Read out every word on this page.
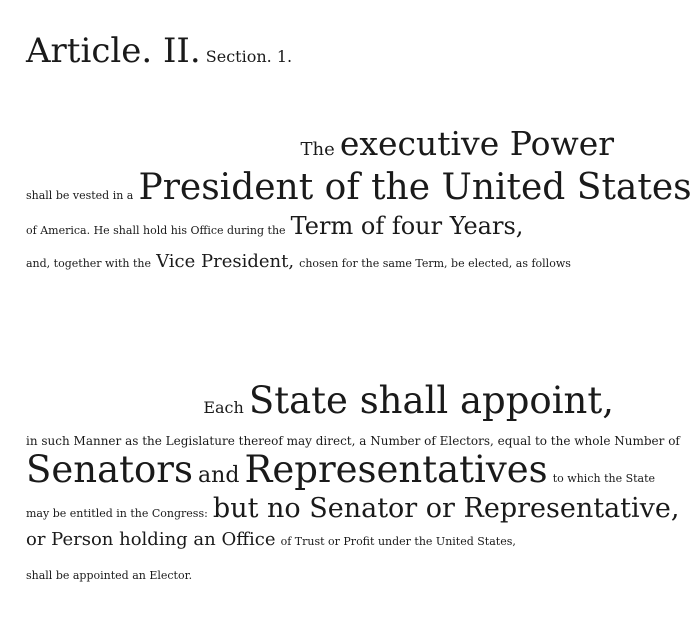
Article. II. Section. 1.
The executive Power
shall be vested in a President of the United States
of America. He shall hold his Office during the Term of four Years,
and, together with the Vice President, chosen for the same Term, be elected, as follows
Each State shall appoint,
in such Manner as the Legislature thereof may direct, a Number of Electors, equal to the whole Number of
Senators and Representatives to which the State
may be entitled in the Congress: but no Senator or Representative,
or Person holding an Office of Trust or Profit under the United States,
shall be appointed an Elector.
